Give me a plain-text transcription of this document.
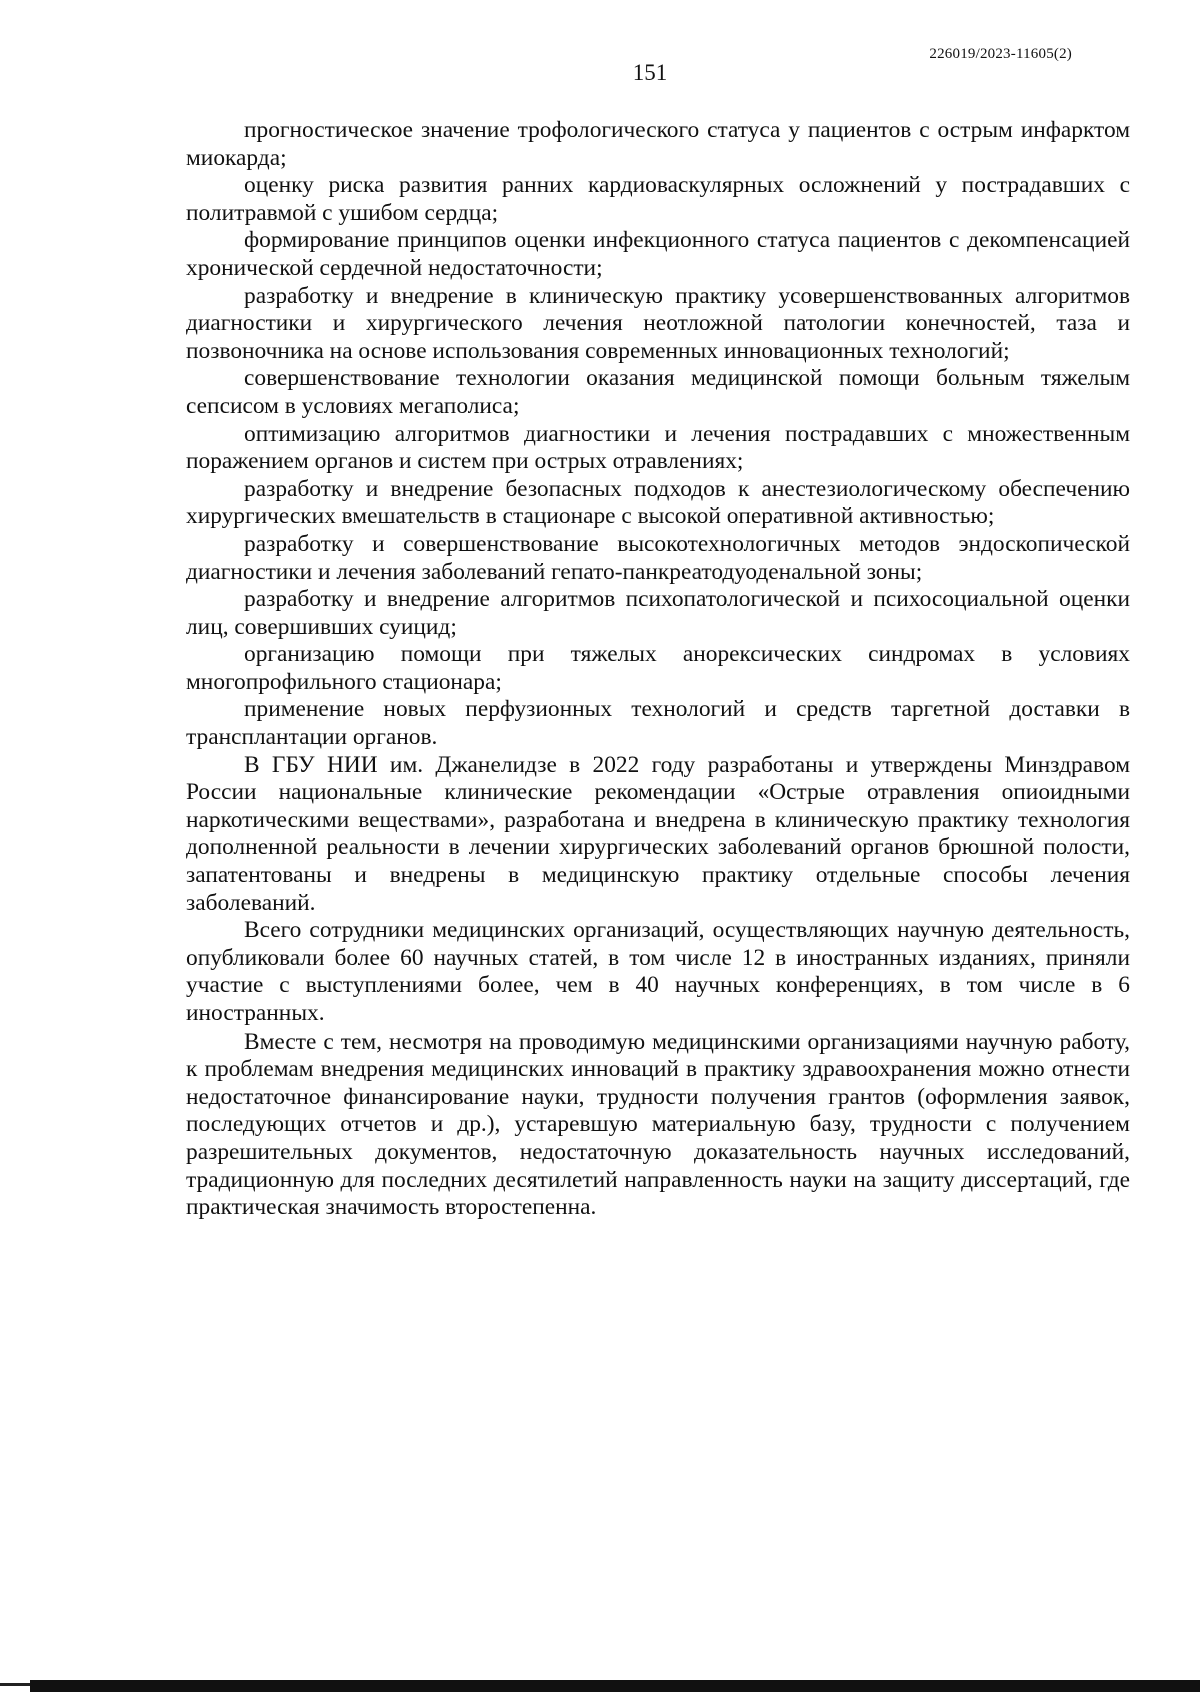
226019/2023-11605(2)
151

прогностическое значение трофологического статуса у пациентов с острым инфарктом миокарда;

оценку риска развития ранних кардиоваскулярных осложнений у пострадавших с политравмой с ушибом сердца;

формирование принципов оценки инфекционного статуса пациентов с декомпенсацией хронической сердечной недостаточности;

разработку и внедрение в клиническую практику усовершенствованных алгоритмов диагностики и хирургического лечения неотложной патологии конечностей, таза и позвоночника на основе использования современных инновационных технологий;

совершенствование технологии оказания медицинской помощи больным тяжелым сепсисом в условиях мегаполиса;

оптимизацию алгоритмов диагностики и лечения пострадавших с множественным поражением органов и систем при острых отравлениях;

разработку и внедрение безопасных подходов к анестезиологическому обеспечению хирургических вмешательств в стационаре с высокой оперативной активностью;

разработку и совершенствование высокотехнологичных методов эндоскопической диагностики и лечения заболеваний гепато-панкреатодуоденальной зоны;

разработку и внедрение алгоритмов психопатологической и психосоциальной оценки лиц, совершивших суицид;

организацию помощи при тяжелых анорексических синдромах в условиях многопрофильного стационара;

применение новых перфузионных технологий и средств таргетной доставки в трансплантации органов.

В ГБУ НИИ им. Джанелидзе в 2022 году разработаны и утверждены Минздравом России национальные клинические рекомендации «Острые отравления опиоидными наркотическими веществами», разработана и внедрена в клиническую практику технология дополненной реальности в лечении хирургических заболеваний органов брюшной полости, запатентованы и внедрены в медицинскую практику отдельные способы лечения заболеваний.

Всего сотрудники медицинских организаций, осуществляющих научную деятельность, опубликовали более 60 научных статей, в том числе 12 в иностранных изданиях, приняли участие с выступлениями более, чем в 40 научных конференциях, в том числе в 6 иностранных.

Вместе с тем, несмотря на проводимую медицинскими организациями научную работу, к проблемам внедрения медицинских инноваций в практику здравоохранения можно отнести недостаточное финансирование науки, трудности получения грантов (оформления заявок, последующих отчетов и др.), устаревшую материальную базу, трудности с получением разрешительных документов, недостаточную доказательность научных исследований, традиционную для последних десятилетий направленность науки на защиту диссертаций, где практическая значимость второстепенна.
